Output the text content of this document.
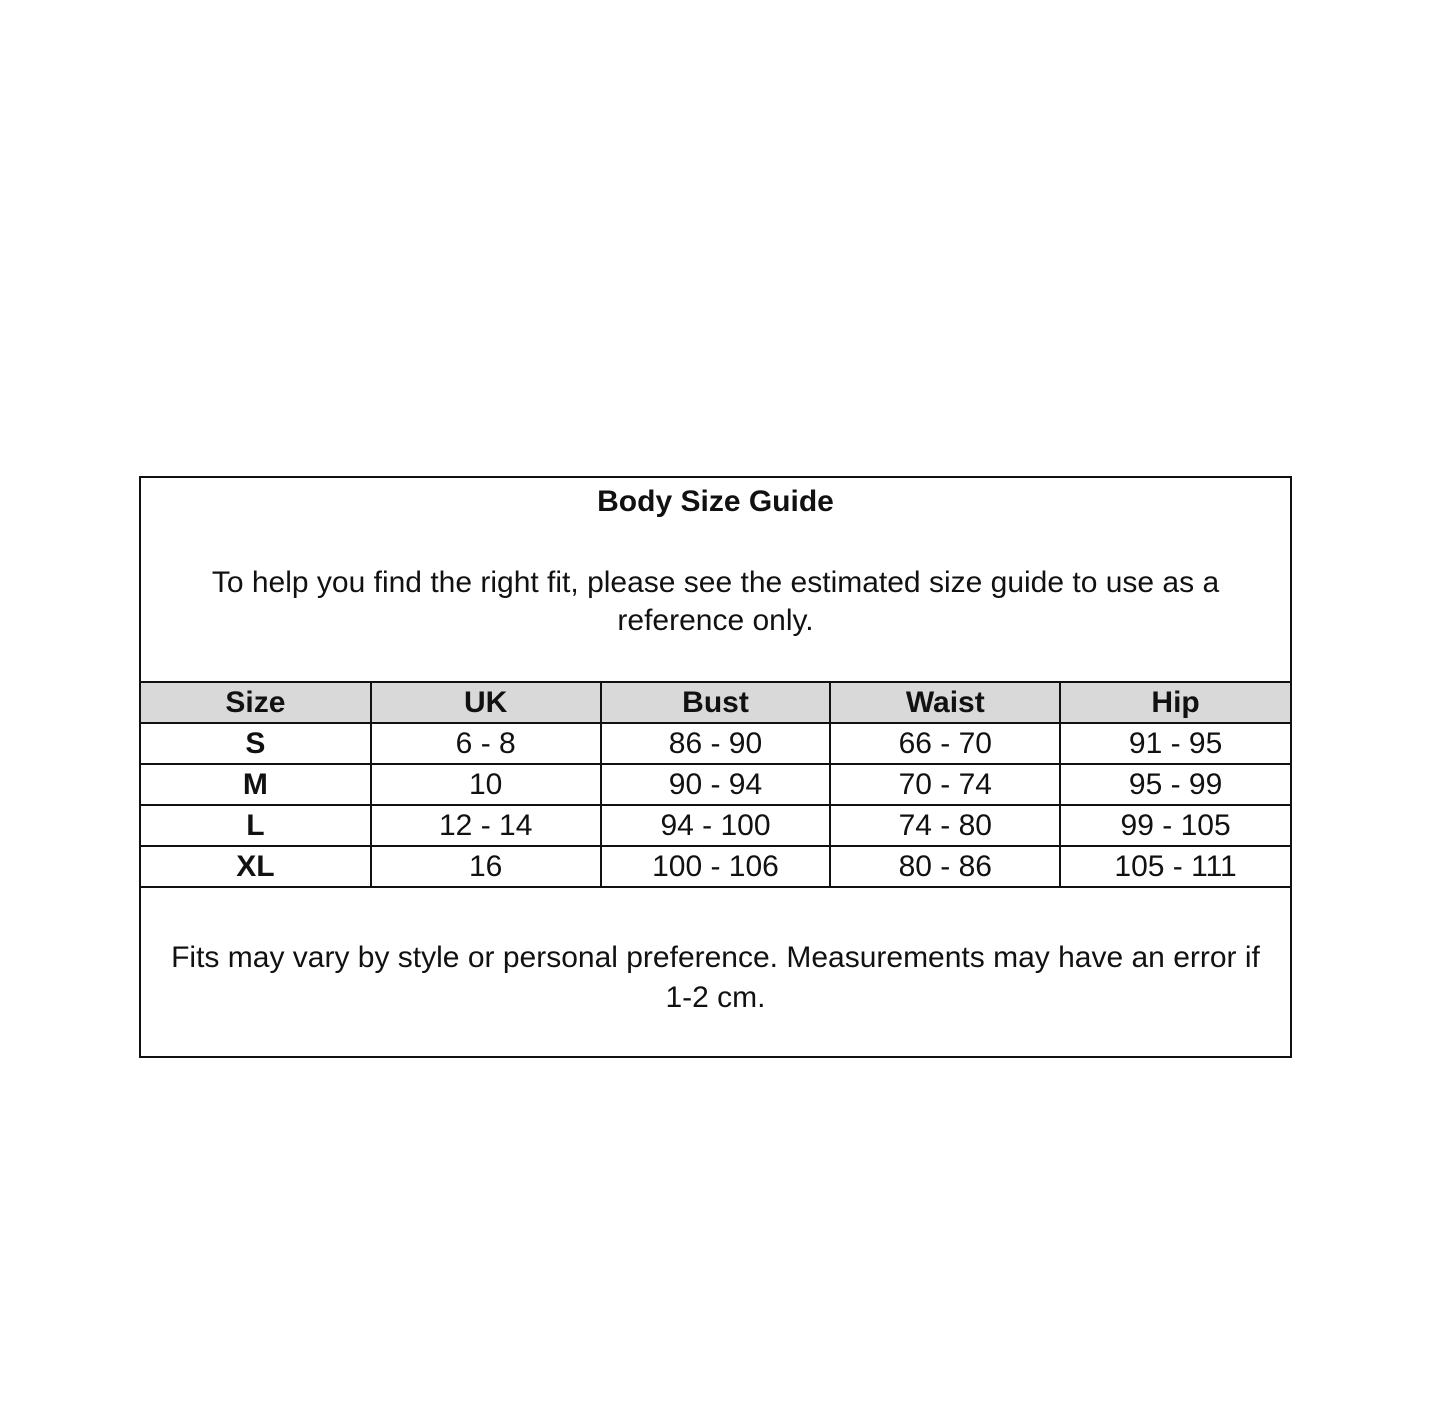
Body Size Guide
To help you find the right fit, please see the estimated size guide to use as a reference only.
Size	UK	Bust	Waist	Hip
S	6 - 8	86 - 90	66 - 70	91 - 95
M	10	90 - 94	70 - 74	95 - 99
L	12 - 14	94 - 100	74 - 80	99 - 105
XL	16	100 - 106	80 - 86	105 - 111
Fits may vary by style or personal preference. Measurements may have an error if 1-2 cm.
